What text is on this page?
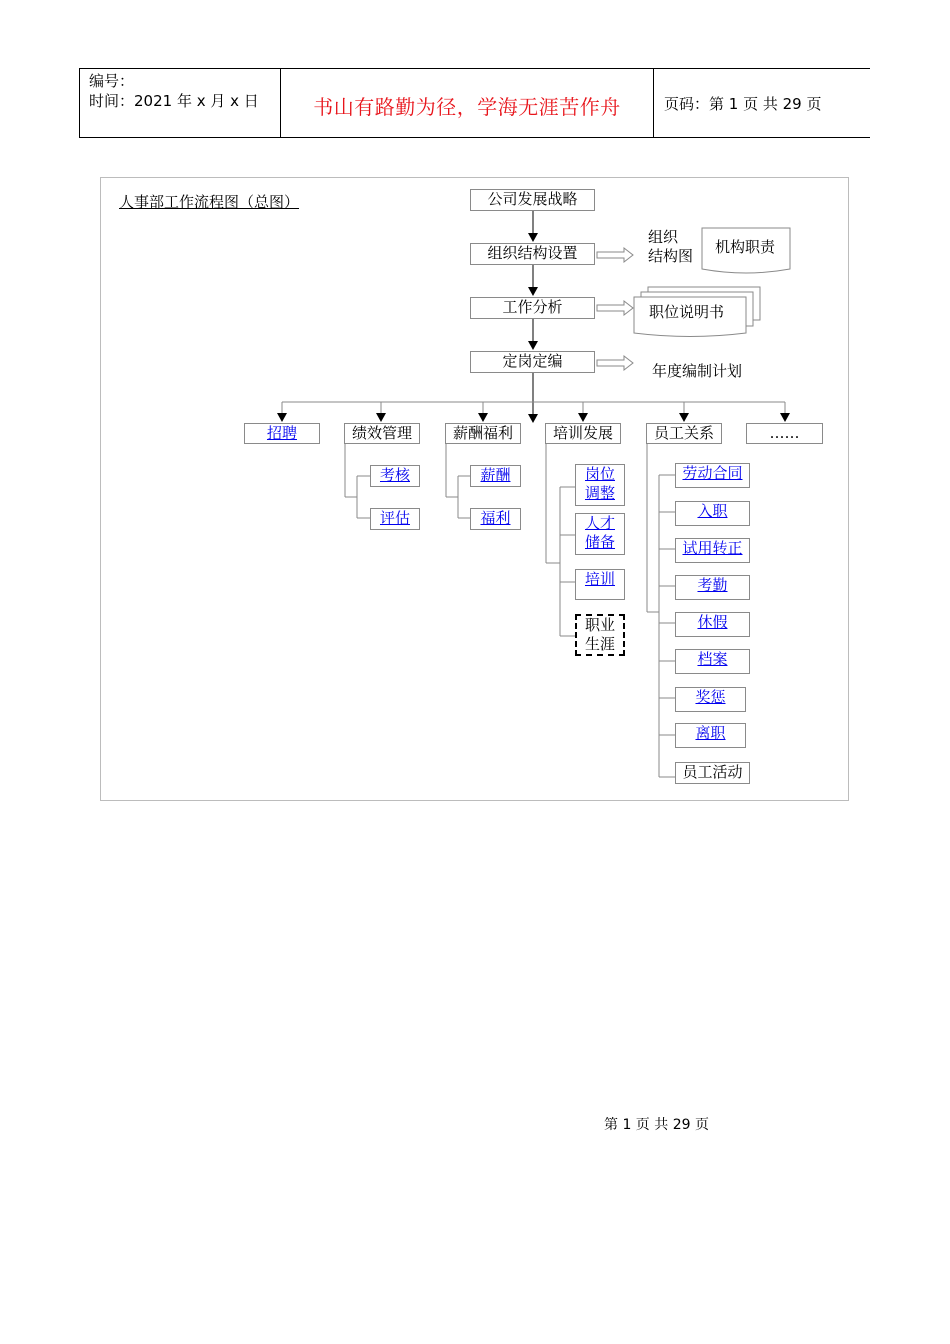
编号：
时间：2021 年 x 月 x 日	书山有路勤为径，学海无涯苦作舟	页码：第 1 页 共 29 页
人事部工作流程图（总图）	公司发展战略
组织结构设置
工作分析
定岗定编
组织
结构图 机构职责
职位说明书
年度编制计划
招聘	绩效管理	薪酬福利	培训发展	员工关系	……
考核
评估
薪酬
福利
岗位调整
人才储备
培训
职业生涯
劳动合同
入职
试用转正
考勤
休假
档案
奖惩
离职
员工活动
第 1 页 共 29 页
